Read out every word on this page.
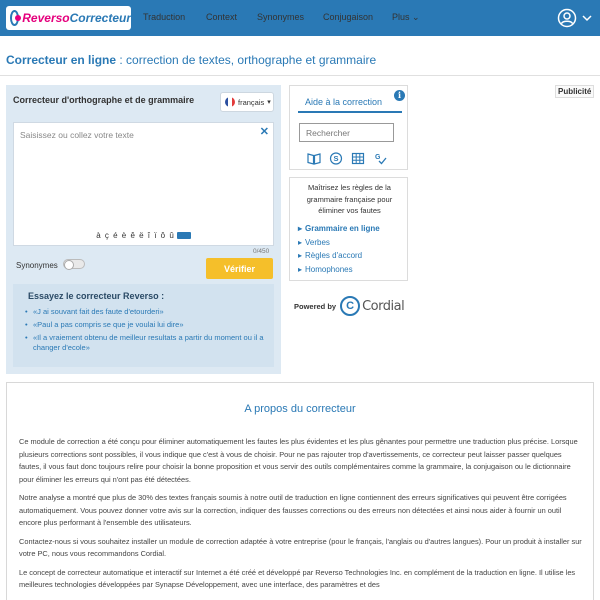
ReversoCorrecteur Traduction Context Synonymes Conjugaison Plus ⌄
Correcteur en ligne : correction de textes, orthographe et grammaire
Correcteur d'orthographe et de grammaire	français ▾
Saisissez ou collez votre texte	✕
à ç é è ê ë î ï ô û
0/450
Synonymes	Vérifier
Essayez le correcteur Reverso :
• «J ai souvant fait des faute d'etourderi»
• «Paul a pas compris se que je voulai lui dire»
• «Il a vraiement obtenu de meilleur resultats a partir du moment ou il a changer d'ecole»
Aide à la correction
i
Rechercher
S	G
Maîtrisez les règles de la grammaire française pour éliminer vos fautes
▸ Grammaire en ligne
▸ Verbes
▸ Règles d'accord
▸ Homophones
Powered by C Cordial
Publicité
A propos du correcteur

Ce module de correction a été conçu pour éliminer automatiquement les fautes les plus évidentes et les plus gênantes pour permettre une traduction plus précise. Lorsque plusieurs corrections sont possibles, il vous indique que c'est à vous de choisir. Pour ne pas rajouter trop d'avertissements, ce correcteur peut laisser passer quelques fautes, il vous faut donc toujours relire pour choisir la bonne proposition et vous servir des outils complémentaires comme la grammaire, la conjugaison ou le dictionnaire pour éliminer les erreurs qui n'ont pas été détectées.

Notre analyse a montré que plus de 30% des textes français soumis à notre outil de traduction en ligne contiennent des erreurs significatives qui peuvent être corrigées automatiquement. Vous pouvez donner votre avis sur la correction, indiquer des fausses corrections ou des erreurs non détectées et ainsi nous aider à fournir un outil encore plus performant à l'ensemble des utilisateurs.

Contactez-nous si vous souhaitez installer un module de correction adaptée à votre entreprise (pour le français, l'anglais ou d'autres langues). Pour un produit à installer sur votre PC, nous vous recommandons Cordial.

Le concept de correcteur automatique et interactif sur Internet a été créé et développé par Reverso Technologies Inc. en complément de la traduction en ligne. Il utilise les meilleures technologies développées par Synapse Développement, avec une interface, des paramètres et des
